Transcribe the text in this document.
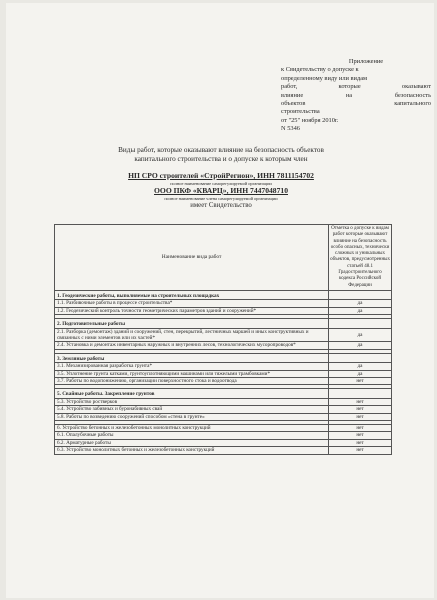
Приложение
к Свидетельству о допуске к
определенному виду или видам
работ, которые оказывают
влияние на безопасность
объектов капитального
строительства
от "25" ноября 2010г.
N 5346
Виды работ, которые оказывают влияние на безопасность объектов
капитального строительства и о допуске к которым член
НП СРО строителей «СтройРегион», ИНН 7811154702
полное наименование саморегулируемой организации
ООО ПКФ «КВАРЦ», ИНН 7447048710
полное наименование члена саморегулируемой организации
имеет Свидетельство
Наименование вида работ	Отметка о допуске к видам работ которые оказывают влияние на безопасность особо опасных, технически сложных и уникальных объектов, предусмотренных статьей 48.1 Градостроительного кодекса Российской Федерации
1. Геодезические работы, выполняемые на строительных площадках	
1.1. Разбивочные работы в процессе строительства*	да
1.2. Геодезический контроль точности геометрических параметров зданий и сооружений*	да

2. Подготовительные работы	
2.1. Разборка (демонтаж) зданий и сооружений, стен, перекрытий, лестничных маршей и иных конструктивных и связанных с ними элементов или их частей*	да
2.4. Установка и демонтаж инвентарных наружных и внутренних лесов, технологических мусоропроводов*	да

3. Земляные работы	
3.1. Механизированная разработка грунта*	да
3.5. Уплотнение грунта катками, грунтоуплотняющими машинами или тяжелыми трамбовками*	да
3.7. Работы по водопонижению, организации поверхностного стока и водоотвода	нет

5. Свайные работы. Закрепление грунтов	
5.3. Устройство ростверков	нет
5.4. Устройство забивных и буронабивных свай	нет
5.8. Работы по возведению сооружений способом «стена в грунте»	нет

6. Устройство бетонных и железобетонных монолитных конструкций	нет
6.1. Опалубочные работы	нет
6.2. Арматурные работы	нет
6.3. Устройство монолитных бетонных и железобетонных конструкций	нет
